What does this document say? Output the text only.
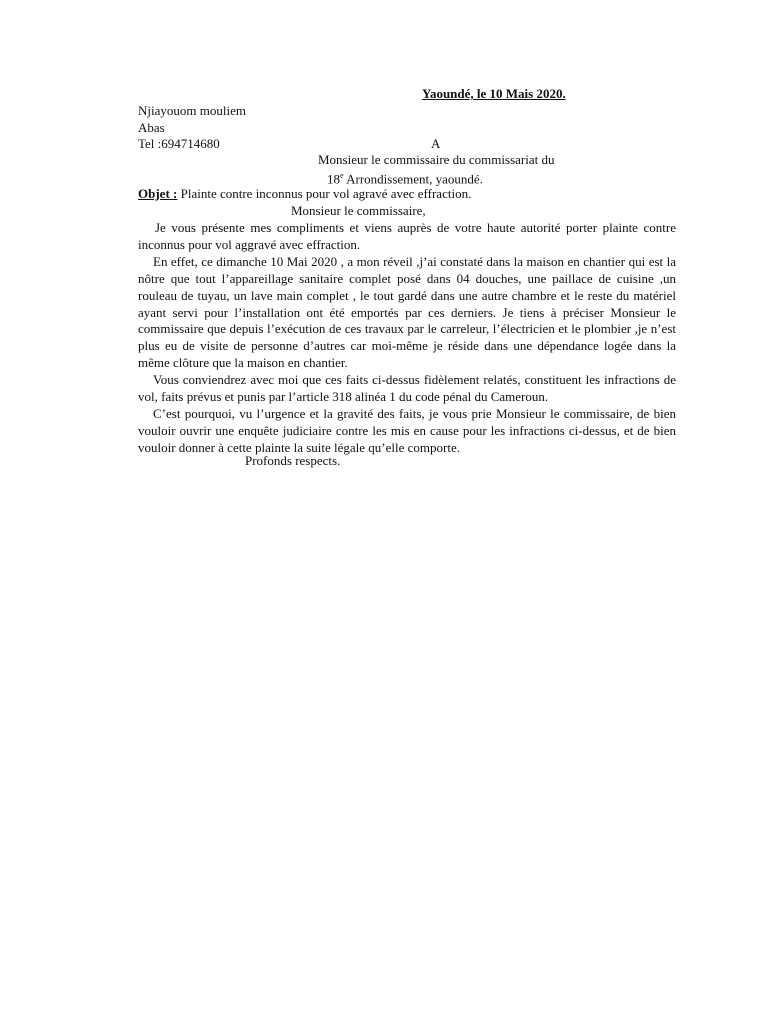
Yaoundé, le 10 Mais 2020.
Njiayouom mouliem
Abas
Tel :694714680	A
Monsieur le commissaire du commissariat du
18e Arrondissement, yaoundé.
Objet : Plainte contre inconnus pour vol agravé avec effraction.
Monsieur le commissaire,

Je vous présente mes compliments et viens auprès de votre haute autorité porter plainte contre inconnus pour vol aggravé avec effraction.

En effet, ce dimanche 10 Mai 2020 , a mon réveil ,j’ai constaté dans la maison en chantier qui est la nôtre que tout l’appareillage sanitaire complet posé dans 04 douches, une paillace de cuisine ,un rouleau de tuyau, un lave main complet , le tout gardé dans une autre chambre et le reste du matériel ayant servi pour l’installation ont été emportés par ces derniers. Je tiens à préciser Monsieur le commissaire que depuis l’exécution de ces travaux par le carreleur, l’électricien et le plombier ,je n’est plus eu de visite de personne d’autres car moi-même je réside dans une dépendance logée dans la même clôture que la maison en chantier.

Vous conviendrez avec moi que ces faits ci-dessus fidèlement relatés, constituent les infractions de vol, faits prévus et punis par l’article 318 alinéa 1 du code pénal du Cameroun.

C’est pourquoi, vu l’urgence et la gravité des faits, je vous prie Monsieur le commissaire, de bien vouloir ouvrir une enquête judiciaire contre les mis en cause pour les infractions ci-dessus, et de bien vouloir donner à cette plainte la suite légale qu’elle comporte.

Profonds respects.
